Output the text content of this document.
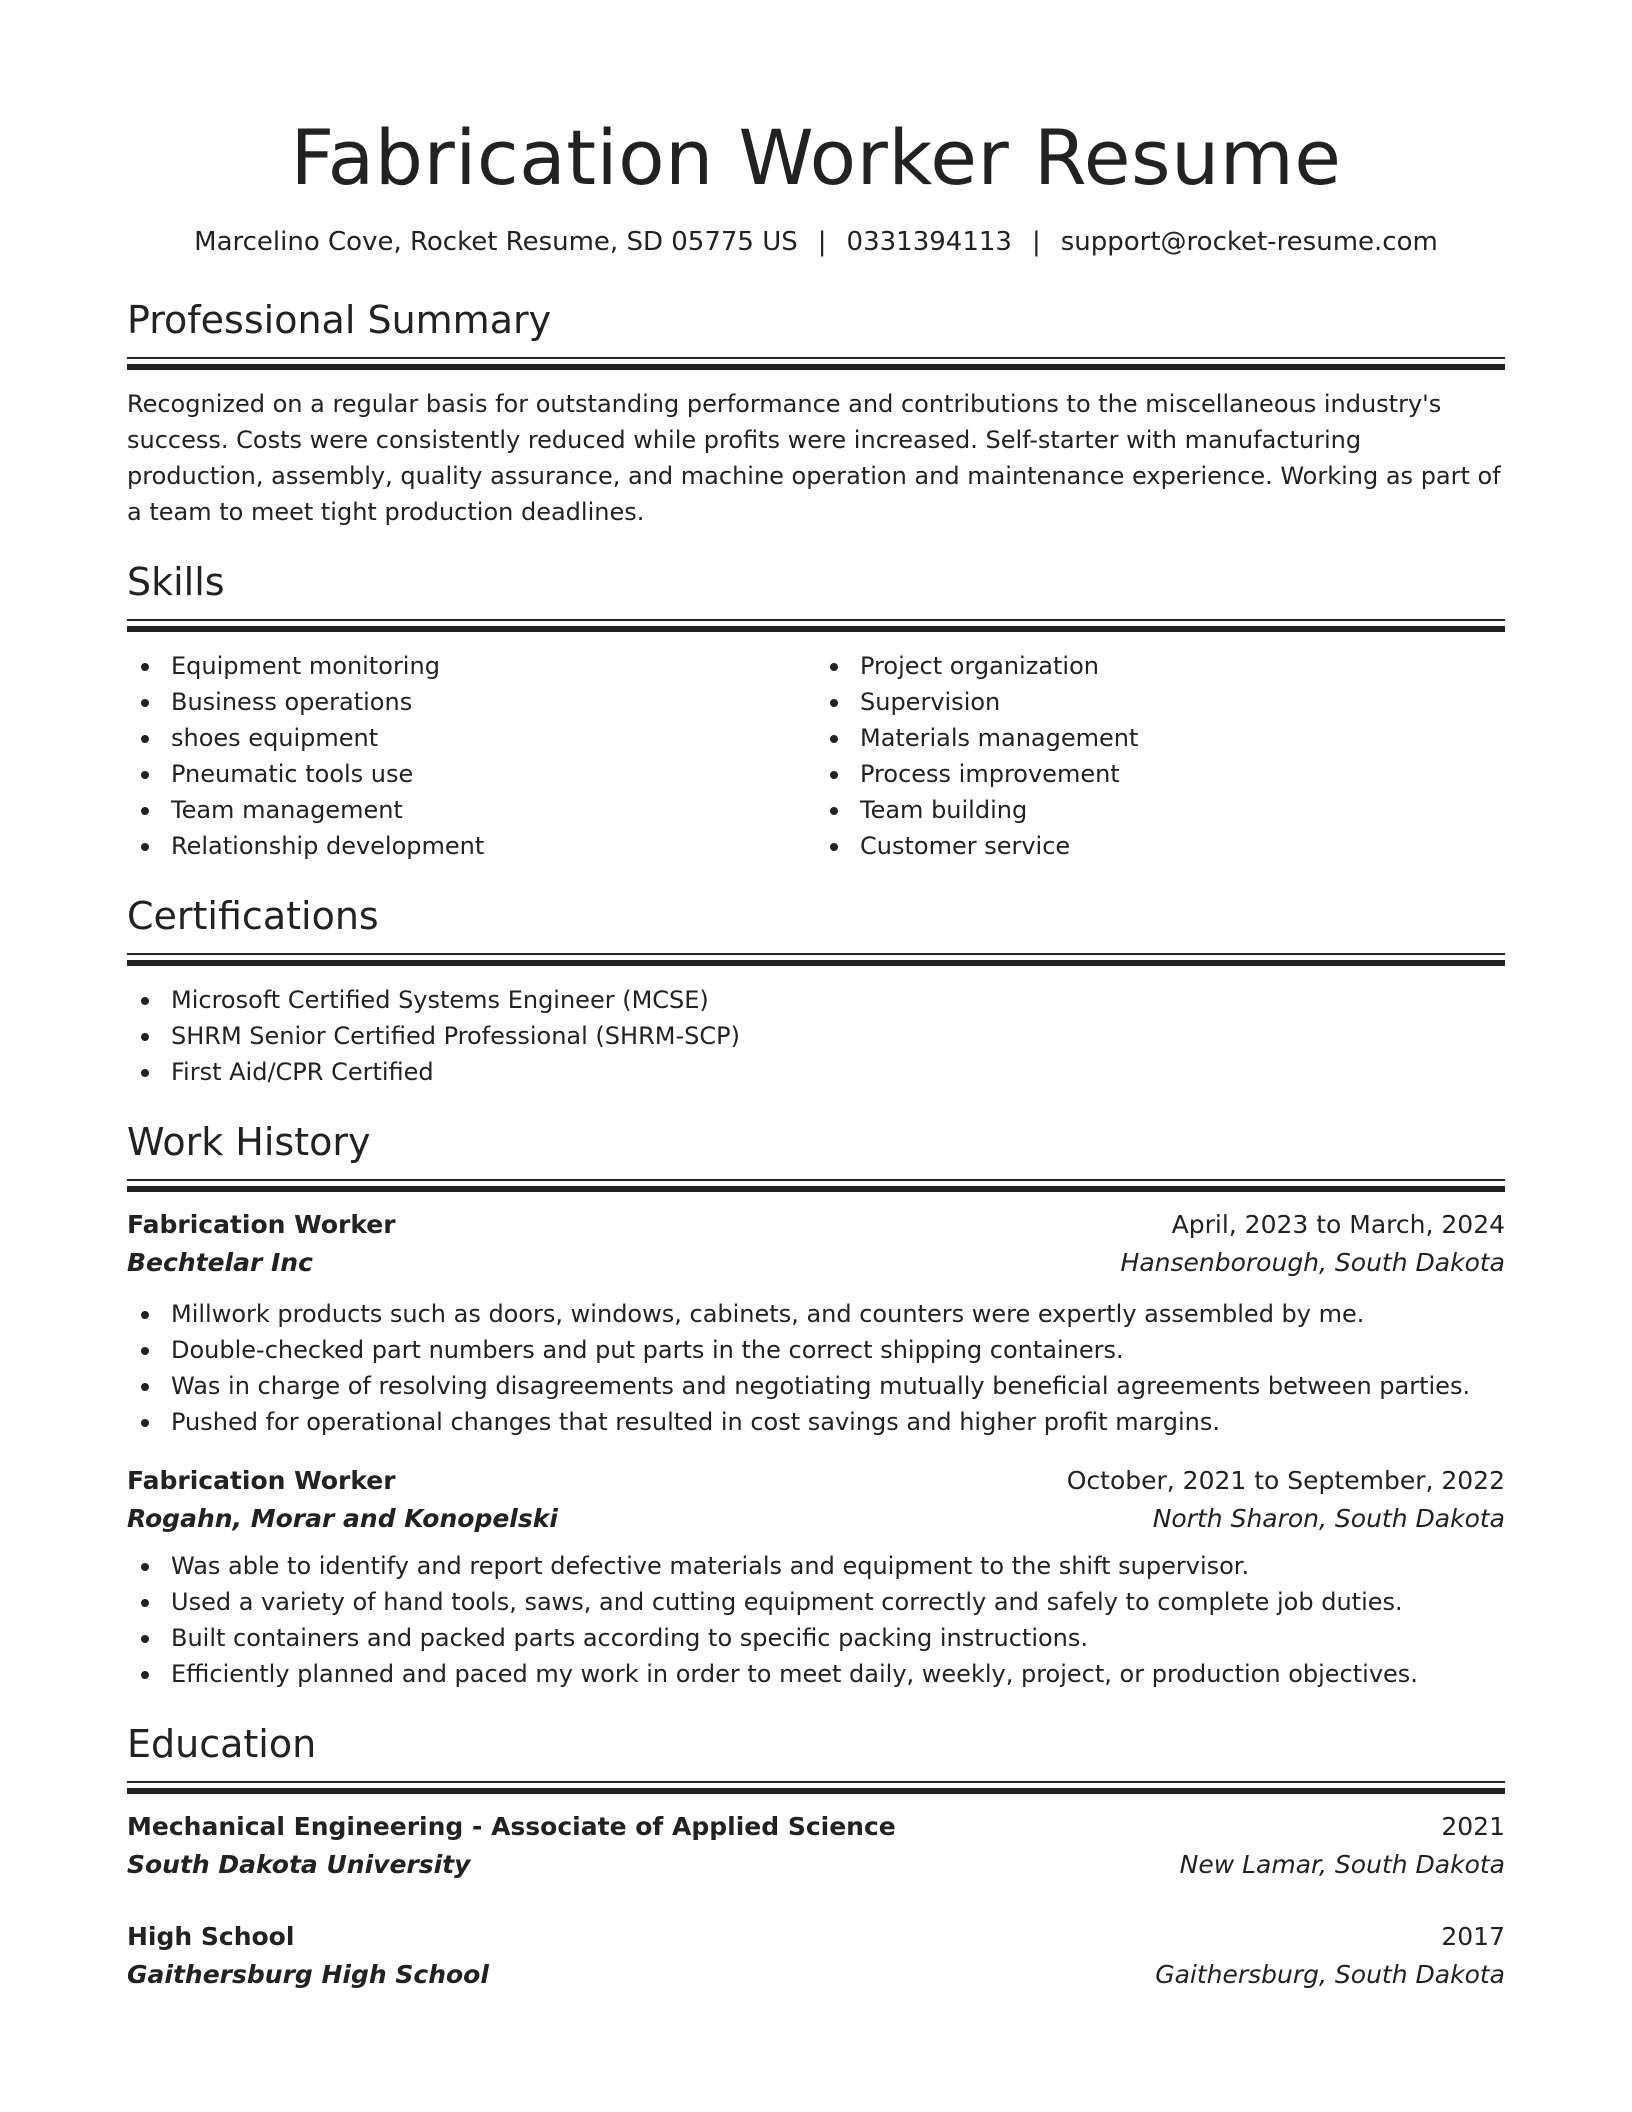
Fabrication Worker Resume
Marcelino Cove, Rocket Resume, SD 05775 US | 0331394113 | support@rocket-resume.com
Professional Summary

Recognized on a regular basis for outstanding performance and contributions to the miscellaneous industry's success. Costs were consistently reduced while profits were increased. Self-starter with manufacturing production, assembly, quality assurance, and machine operation and maintenance experience. Working as part of a team to meet tight production deadlines.

Skills
Equipment monitoring
Business operations
shoes equipment
Pneumatic tools use
Team management
Relationship development
Project organization
Supervision
Materials management
Process improvement
Team building
Customer service
Certifications
Microsoft Certified Systems Engineer (MCSE)
SHRM Senior Certified Professional (SHRM-SCP)
First Aid/CPR Certified
Work History
Fabrication Worker	April, 2023 to March, 2024
Bechtelar Inc	Hansenborough, South Dakota
Millwork products such as doors, windows, cabinets, and counters were expertly assembled by me.
Double-checked part numbers and put parts in the correct shipping containers.
Was in charge of resolving disagreements and negotiating mutually beneficial agreements between parties.
Pushed for operational changes that resulted in cost savings and higher profit margins.
Fabrication Worker	October, 2021 to September, 2022
Rogahn, Morar and Konopelski	North Sharon, South Dakota
Was able to identify and report defective materials and equipment to the shift supervisor.
Used a variety of hand tools, saws, and cutting equipment correctly and safely to complete job duties.
Built containers and packed parts according to specific packing instructions.
Efficiently planned and paced my work in order to meet daily, weekly, project, or production objectives.
Education
Mechanical Engineering - Associate of Applied Science	2021
South Dakota University	New Lamar, South Dakota
High School	2017
Gaithersburg High School	Gaithersburg, South Dakota
